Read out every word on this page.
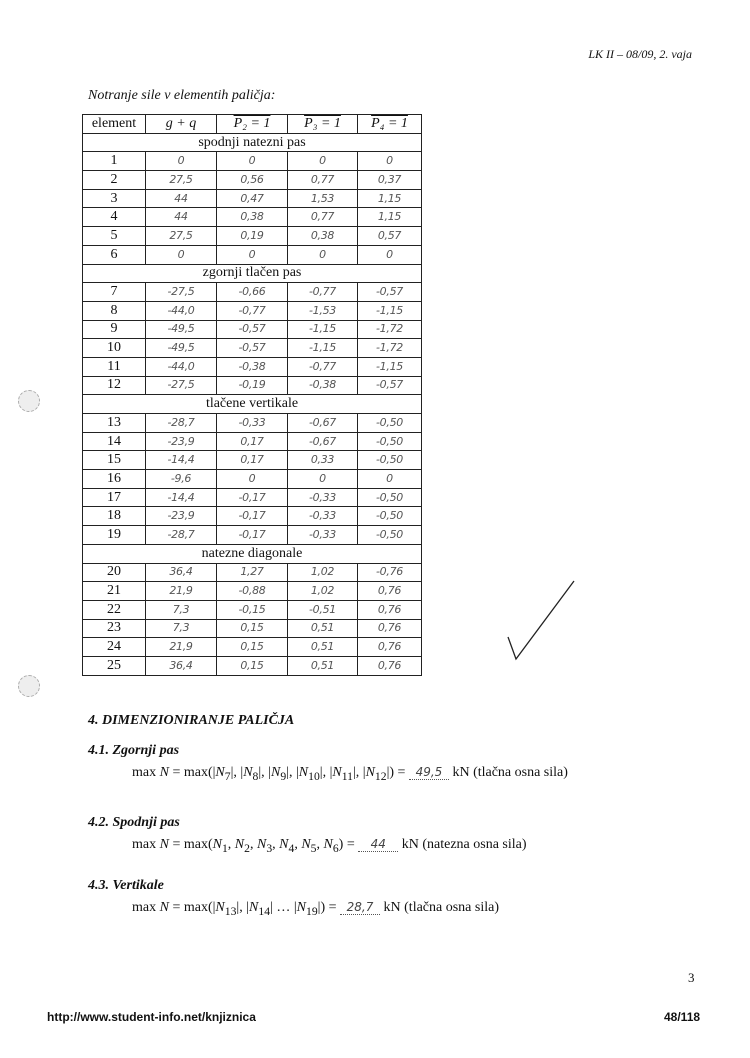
LK II – 08/09, 2. vaja
Notranje sile v elementih paličja:
element	g + q	P₂ = 1	P₃ = 1	P₄ = 1
spodnji natezni pas				
1	0	0	0	0
2	27,5	0,56	0,77	0,37
3	44	0,47	1,53	1,15
4	44	0,38	0,77	1,15
5	27,5	0,19	0,38	0,57
6	0	0	0	0
zgornji tlačen pas				
7	-27,5	-0,66	-0,77	-0,57
8	-44,0	-0,77	-1,53	-1,15
9	-49,5	-0,57	-1,15	-1,72
10	-49,5	-0,57	-1,15	-1,72
11	-44,0	-0,38	-0,77	-1,15
12	-27,5	-0,19	-0,38	-0,57
tlačene vertikale				
13	-28,7	-0,33	-0,67	-0,50
14	-23,9	0,17	-0,67	-0,50
15	-14,4	0,17	0,33	-0,50
16	-9,6	0	0	0
17	-14,4	-0,17	-0,33	-0,50
18	-23,9	-0,17	-0,33	-0,50
19	-28,7	-0,17	-0,33	-0,50
natezne diagonale				
20	36,4	1,27	1,02	-0,76
21	21,9	-0,88	1,02	0,76
22	7,3	-0,15	-0,51	0,76
23	7,3	0,15	0,51	0,76
24	21,9	0,15	0,51	0,76
25	36,4	0,15	0,51	0,76
4. DIMENZIONIRANJE PALIČJA
4.1. Zgornji pas
$\max N = \max(|N_7|$, $|N_8|$, $|N_9|$, $|N_{10}|$, $|N_{11}|$, $|N_{12}|) = 49,5$ kN (tlačna osna sila)
4.2. Spodnji pas
$\max N = \max(N_1$, $N_2$, $N_3$, $N_4$, $N_5$, $N_6) = 44$ kN (natezna osna sila)
4.3. Vertikale
$\max N = \max(|N_{13}|$, $|N_{14}|$ … $|N_{19}|) = 28,7$ kN (tlačna osna sila)
3
http://www.student-info.net/knjiznica	48/118
